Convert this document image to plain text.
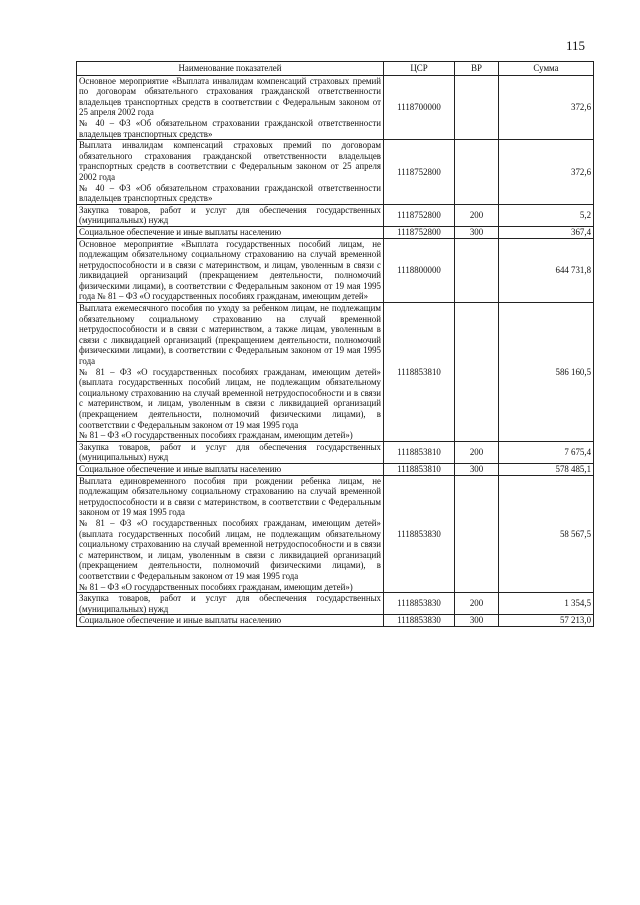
115
Наименование показателей	ЦСР	ВР	Сумма
Основное мероприятие «Выплата инвалидам компенсаций страховых премий по договорам обязательного страхования гражданской ответственности владельцев транспортных средств в соответствии с Федеральным законом от 25 апреля 2002 года
№ 40 – ФЗ «Об обязательном страховании гражданской ответственности владельцев транспортных средств»	1118700000		372,6
Выплата инвалидам компенсаций страховых премий по договорам обязательного страхования гражданской ответственности владельцев транспортных средств в соответствии с Федеральным законом от 25 апреля 2002 года
№ 40 – ФЗ «Об обязательном страховании гражданской ответственности владельцев транспортных средств»	1118752800		372,6
Закупка товаров, работ и услуг для обеспечения государственных (муниципальных) нужд	1118752800	200	5,2
Социальное обеспечение и иные выплаты населению	1118752800	300	367,4
Основное мероприятие «Выплата государственных пособий лицам, не подлежащим обязательному социальному страхованию на случай временной нетрудоспособности и в связи с материнством, и лицам, уволенным в связи с ликвидацией организаций (прекращением деятельности, полномочий физическими лицами), в соответствии с Федеральным законом от 19 мая 1995 года № 81 – ФЗ «О государственных пособиях гражданам, имеющим детей»	1118800000		644 731,8
Выплата ежемесячного пособия по уходу за ребенком лицам, не подлежащим обязательному социальному страхованию на случай временной нетрудоспособности и в связи с материнством, а также лицам, уволенным в связи с ликвидацией организаций (прекращением деятельности, полномочий физическими лицами), в соответствии с Федеральным законом от 19 мая 1995 года
№ 81 – ФЗ «О государственных пособиях гражданам, имеющим детей» (выплата государственных пособий лицам, не подлежащим обязательному социальному страхованию на случай временной нетрудоспособности и в связи с материнством, и лицам, уволенным в связи с ликвидацией организаций (прекращением деятельности, полномочий физическими лицами), в соответствии с Федеральным законом от 19 мая 1995 года
№ 81 – ФЗ «О государственных пособиях гражданам, имеющим детей»)	1118853810		586 160,5
Закупка товаров, работ и услуг для обеспечения государственных (муниципальных) нужд	1118853810	200	7 675,4
Социальное обеспечение и иные выплаты населению	1118853810	300	578 485,1
Выплата единовременного пособия при рождении ребенка лицам, не подлежащим обязательному социальному страхованию на случай временной нетрудоспособности и в связи с материнством, в соответствии с Федеральным законом от 19 мая 1995 года
№ 81 – ФЗ «О государственных пособиях гражданам, имеющим детей» (выплата государственных пособий лицам, не подлежащим обязательному социальному страхованию на случай временной нетрудоспособности и в связи с материнством, и лицам, уволенным в связи с ликвидацией организаций (прекращением деятельности, полномочий физическими лицами), в соответствии с Федеральным законом от 19 мая 1995 года
№ 81 – ФЗ «О государственных пособиях гражданам, имеющим детей»)	1118853830		58 567,5
Закупка товаров, работ и услуг для обеспечения государственных (муниципальных) нужд	1118853830	200	1 354,5
Социальное обеспечение и иные выплаты населению	1118853830	300	57 213,0
